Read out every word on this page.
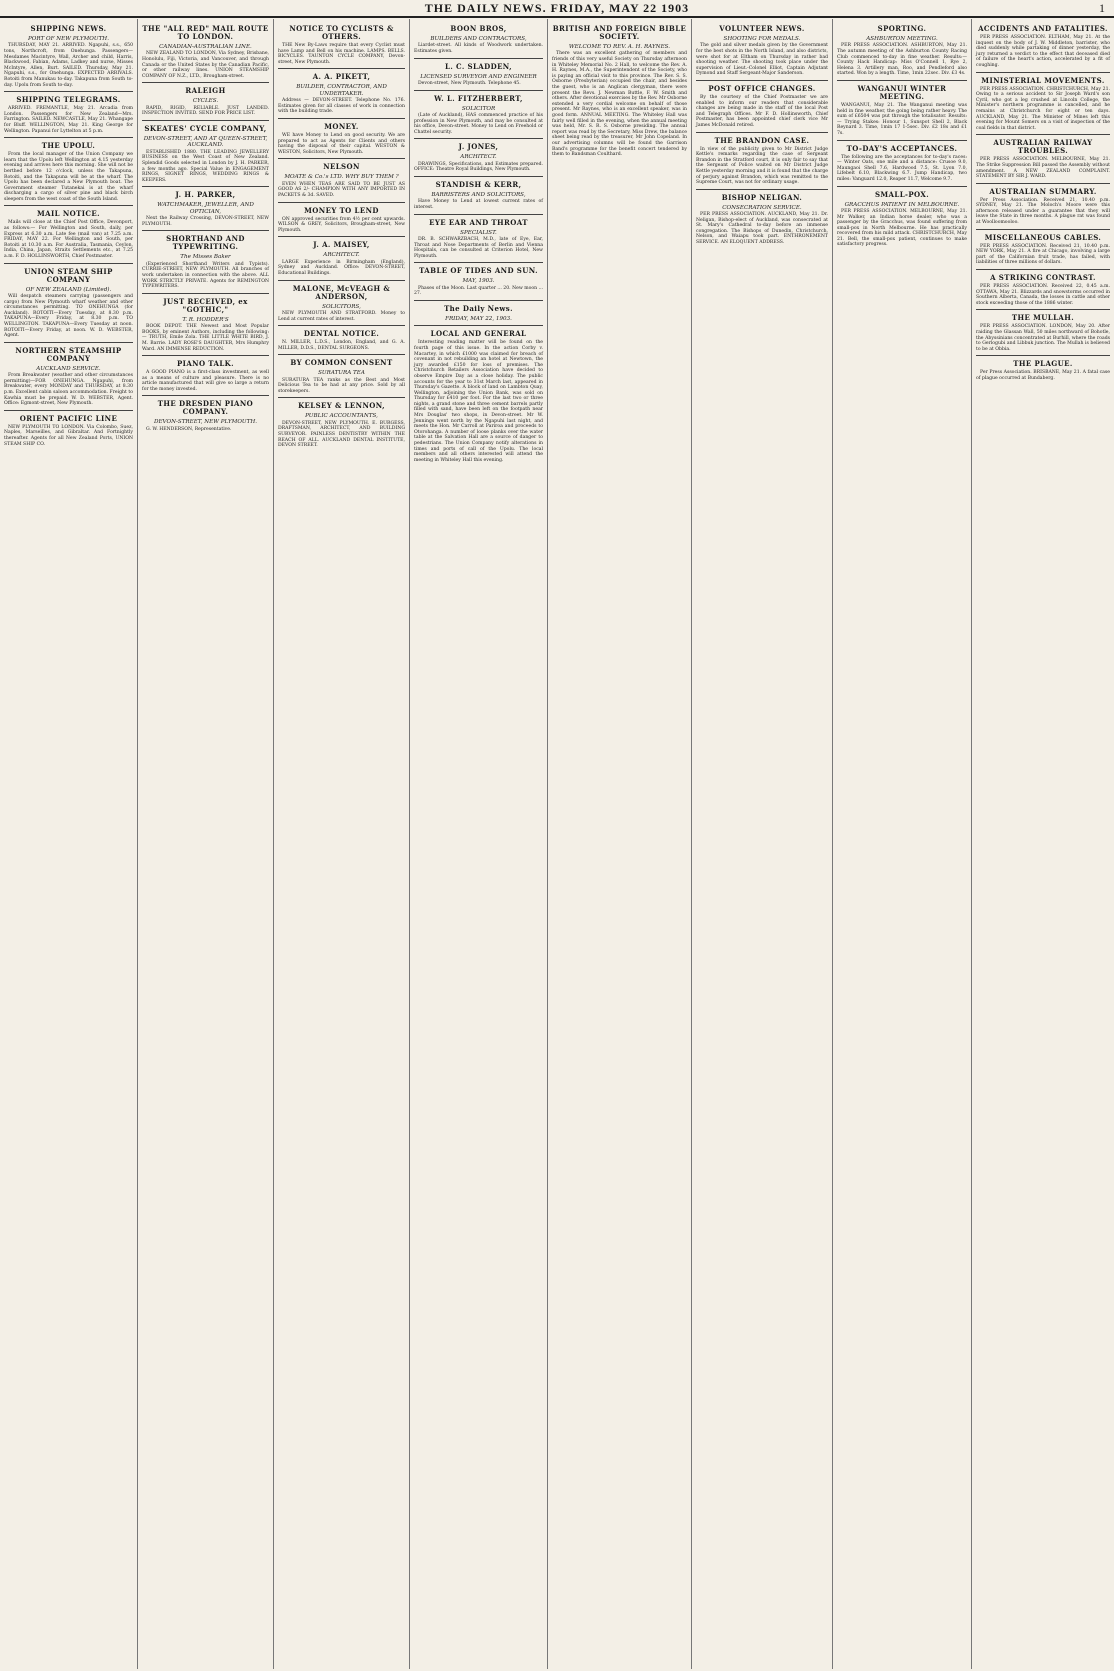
THE DAILY NEWS. FRIDAY, MAY 22 1903	1
SHIPPING NEWS.
PORT OF NEW PLYMOUTH.

THURSDAY, MAY 21. ARRIVED. Ngapuhi, s.s., 650 tons, Northcroft, from Onehunga. Passengers—Mesdames Macintyre, Wall, Archer and child, Harris, Blackwood, Fabian, Adams, Ladkey and nurse, Misses McIntyre, Allen, Burt. SAILED. Thursday, May 21. Ngapuhi, s.s., for Onehunga. EXPECTED ARRIVALS. Rotoiti from Manukau to-day. Takapuna from South to-day. Upolu from South to-day.

SHIPPING TELEGRAMS.

ARRIVED. FREMANTLE, May 21. Arcadia from London. Passengers for New Zealand—Mrs. Farrington. SAILED. NEWCASTLE, May 21. Whangape for Bluff. WELLINGTON, May 21. King George for Wellington. Papanui for Lyttelton at 5 p.m.

THE UPOLU.

From the local manager of the Union Company we learn that the Upolu left Wellington at 4.15 yesterday evening and arrives here this morning. She will not be berthed before 12 o'clock, unless the Takapuna, Rotoiti, and the Takapuna will be at the wharf. The Upolu has been declared a New Plymouth boat. The Government steamer Tutanekai is at the wharf discharging a cargo of silver pine and black birch sleepers from the west coast of the South Island.

MAIL NOTICE.

Mails will close at the Chief Post Office, Devonport, as follows:— For Wellington and South, daily, per Express at 6.30 a.m. Late fee (mail van) at 7.25 a.m. FRIDAY, MAY 22. For Wellington and South, per Rotoiti at 10.30 a.m. For Australia, Tasmania, Ceylon, India, China, Japan, Straits Settlements etc., at 7.25 a.m. F. D. HOLLINSWORTH, Chief Postmaster.

UNION STEAM SHIP COMPANY
OF NEW ZEALAND (Limited).

Will despatch steamers carrying (passengers and cargo) from New Plymouth wharf weather and other circumstances permitting. TO ONEHUNGA (for Auckland). ROTOITI—Every Tuesday, at 8.30 p.m. TAKAPUNA—Every Friday, at 8.30 p.m. TO WELLINGTON. TAKAPUNA—Every Tuesday at noon. ROTOITI—Every Friday, at noon. W. D. WEBSTER, Agent.

NORTHERN STEAMSHIP COMPANY
AUCKLAND SERVICE.

From Breakwater (weather and other circumstances permitting)—FOR ONEHUNGA. Ngapuhi, from Breakwater, every MONDAY and THURSDAY, at 8.30 p.m. Excellent cabin saloon accommodation. Freight to Kawhia must be prepaid. W. D. WEBSTER, Agent. Office: Egmont-street, New Plymouth.

ORIENT PACIFIC LINE

NEW PLYMOUTH TO LONDON. Via Colombo, Suez, Naples, Marseilles, and Gibraltar. And Fortnightly thereafter. Agents for all New Zealand Ports, UNION STEAM SHIP CO.

THE "ALL RED" MAIL ROUTE TO LONDON.
CANADIAN-AUSTRALIAN LINE.

NEW ZEALAND TO LONDON, Via Sydney, Brisbane, Honolulu, Fiji, Victoria, and Vancouver, and through Canada or the United States by the Canadian Pacific, or other railway lines. UNION STEAMSHIP COMPANY OF N.Z., LTD., Brougham-street.

RALEIGH
CYCLES.

RAPID, RIGID, RELIABLE. JUST LANDED. INSPECTION INVITED. SEND FOR PRICE LIST.

SKEATES' CYCLE COMPANY,
DEVON-STREET, AND AT QUEEN-STREET, AUCKLAND.

ESTABLISHED 1880. THE LEADING JEWELLERY BUSINESS on the West Coast of New Zealand. Splendid Goods selected in London by J. H. PARKER, a few months ago. Special Value in ENGAGEMENT RINGS, SIGNET RINGS, WEDDING RINGS & KEEPERS.

J. H. PARKER,
WATCHMAKER, JEWELLER, AND OPTICIAN,

Next the Railway Crossing, DEVON-STREET, NEW PLYMOUTH.

SHORTHAND AND TYPEWRITING.
The Misses Baker

(Experienced Shorthand Writers and Typists). CURRIE-STREET, NEW PLYMOUTH. All branches of work undertaken in connection with the above. ALL WORK STRICTLY PRIVATE. Agents for REMINGTON TYPEWRITERS.

JUST RECEIVED, ex "GOTHIC,"
T. R. HODDER'S

BOOK DEPOT. THE Newest and Most Popular BOOKS, by eminent Authors, including the following:— TRUTH, Emile Zola. THE LITTLE WHITE BIRD, J. M. Barrie. LADY ROSE'S DAUGHTER, Mrs Humphry Ward. AN IMMENSE REDUCTION.

PIANO TALK.

A GOOD PIANO is a first-class investment, as well as a means of culture and pleasure. There is no article manufactured that will give so large a return for the money invested.

THE DRESDEN PIANO COMPANY.
DEVON-STREET, NEW PLYMOUTH.

G. W. HENDERSON, Representative.

NOTICE TO CYCLISTS & OTHERS.

THE New By-Laws require that every Cyclist must have Lamp and Bell on his machine. LAMPS. BELLS. BICYCLES. TAUNTON CYCLE COMPANY, Devon-street, New Plymouth.

A. A. PIKETT,
BUILDER, CONTRACTOR, AND UNDERTAKER.

Address — DEVON-STREET. Telephone No. 176. Estimates given for all classes of work in connection with the building trade.

MONEY.

WE have Money to Lend on good security. We are prepared to act as Agents for Clients and others having the disposal of their capital. WESTON & WESTON, Solicitors, New Plymouth.

NELSON
MOATE & Co.'s LTD. WHY BUY THEM ?

EVEN WHEN TEAS ARE SAID TO BE JUST AS GOOD AS 2/- CHAMPION WITH ANY IMPORTED IN PACKETS & 3d. SAVED.

MONEY TO LEND

ON approved securities from 4½ per cent upwards. WILSON & GREY, Solicitors, Brougham-street, New Plymouth.

J. A. MAISEY,
ARCHITECT.

LARGE Experience in Birmingham (England), Sydney and Auckland. Office: DEVON-STREET, Educational Buildings.

MALONE, McVEAGH & ANDERSON,
SOLICITORS,

NEW PLYMOUTH AND STRATFORD. Money to Lend at current rates of interest.

DENTAL NOTICE.

N. MILLER, L.D.S., London, England, and G. A. MILLER, D.D.S., DENTAL SURGEONS.

BY COMMON CONSENT
SURATURA TEA

SURATURA TEA ranks as the Best and Most Delicious Tea to be had at any price. Sold by all storekeepers.

KELSEY & LENNON,
PUBLIC ACCOUNTANTS,

DEVON-STREET, NEW PLYMOUTH. E. BURGESS, DRAFTSMAN, ARCHITECT, AND BUILDING SURVEYOR. PAINLESS DENTISTRY WITHIN THE REACH OF ALL. AUCKLAND DENTAL INSTITUTE, DEVON STREET.

BOON BROS,
BUILDERS AND CONTRACTORS,

Liardet-street. All kinds of Woodwork undertaken. Estimates given.

L. C. SLADDEN,
LICENSED SURVEYOR AND ENGINEER

Devon-street, New Plymouth. Telephone 45.

W. L. FITZHERBERT,
SOLICITOR

(Late of Auckland), HAS commenced practice of his profession in New Plymouth, and may be consulted at his office, Devon-street. Money to Lend on Freehold or Chattel security.

J. JONES,
ARCHITECT.

DRAWINGS, Specifications, and Estimates prepared. OFFICE: Theatre Royal Buildings, New Plymouth.

STANDISH & KERR,
BARRISTERS AND SOLICITORS,

Have Money to Lend at lowest current rates of interest.

EYE EAR AND THROAT
SPECIALIST.

DR. B. SCHWARZBACH, M.D., late of Eye, Ear, Throat and Nose Departments of Berlin and Vienna Hospitals, can be consulted at Criterion Hotel, New Plymouth.

TABLE OF TIDES AND SUN.
MAY, 1903.

Phases of the Moon. Last quarter ... 20. New moon ... 27.

The Daily News.
FRIDAY, MAY 22, 1903.
LOCAL AND GENERAL

Interesting reading matter will be found on the fourth page of this issue. In the action Corby v. Macartey, in which £1000 was claimed for breach of covenant in not rebuilding an hotel at Newtown, the jury awarded £150 for loss of premises. The Christchurch Retailers Association have decided to observe Empire Day as a close holiday. The public accounts for the year to 31st March last, appeared in Thursday's Gazette. A block of land on Lambton Quay, Wellington, adjoining the Union Bank, was sold on Thursday for £410 per foot. For the last two or three nights, a grand stone and three cement barrels partly filled with sand, have been left on the footpath near Mrs Douglas' two shops, in Devon-street. Mr W. Jennings went north by the Ngapuhi last night, and meets the Hon. Mr Carroll at Pariroa and proceeds to Otorohanga. A number of loose planks over the water table at the Salvation Hall are a source of danger to pedestrians. The Union Company notify alterations in times and ports of call of the Upolu. The local members and all others interested will attend the meeting in Whiteley Hall this evening.

BRITISH AND FOREIGN BIBLE SOCIETY.
WELCOME TO REV. A. H. RAYNES.

There was an excellent gathering of members and friends of this very useful Society on Thursday afternoon in Whiteley Memorial No. 2 Hall, to welcome the Rev. A. H. Raynes, M.A., the Superintendent of the Society, who is paying an official visit to this province. The Rev. S. S. Osborne (Presbyterian) occupied the chair, and besides the guest, who is an Anglican clergyman, there were present the Revs. J. Newman Buttle, F. W. Smith and others. After devotional exercises by the Rev. Mr Osborne extended a very cordial welcome on behalf of those present. Mr Raynes, who is an excellent speaker, was in good form. ANNUAL MEETING. The Whiteley Hall was fairly well filled in the evening, when the annual meeting was held, Mr. S. R. S. Osborne presiding. The annual report was read by the Secretary, Miss Drew, the balance sheet being read by the treasurer, Mr John Copeland. In our advertising columns will be found the Garrison Band's programme for the benefit concert tendered by them to Bandsman Coulthard.

VOLUNTEER NEWS.
SHOOTING FOR MEDALS.

The gold and silver medals given by the Government for the best shots in the North Island, and also districts, were shot for at Eltham on Thursday in rather bad shooting weather. The shooting took place under the supervision of Lieut.-Colonel Elliot, Captain Adjutant Dymond and Staff Sergeant-Major Sanderson.

POST OFFICE CHANGES.

By the courtesy of the Chief Postmaster we are enabled to inform our readers that considerable changes are being made in the staff of the local Post and Telegraph Offices. Mr F. D. Hollinsworth, Chief Postmaster, has been appointed chief clerk vice Mr James McDonald retired.

THE BRANDON CASE.

In view of the publicity given to Mr District Judge Kettle's remarks regarding the case of Sergeant Brandon in the Stratford court, it is only fair to say that the Sergeant of Police waited on Mr District Judge Kettle yesterday morning and it is found that the charge of perjury against Brandon, which was remitted to the Supreme Court, was not for ordinary usage.

BISHOP NELIGAN.
CONSECRATION SERVICE.

PER PRESS ASSOCIATION. AUCKLAND, May 21. Dr. Neligan, Bishop-elect of Auckland, was consecrated at St. Mary's Cathedral to-day before an immense congregation. The Bishops of Dunedin, Christchurch, Nelson, and Waiapu took part. ENTHRONEMENT SERVICE. AN ELOQUENT ADDRESS.

SPORTING.
ASHBURTON MEETING.

PER PRESS ASSOCIATION. ASHBURTON, May 21. The autumn meeting of the Ashburton County Racing Club commenced to-day in fine weather. Results:— County Hack Handicap: Miss O'Connell 1, Rye 2, Helena 3. Artillery man, Roo, and Pendleford also started. Won by a length. Time, 1min 22sec. Div. £3 4s.

WANGANUI WINTER MEETING.

WANGANUI, May 21. The Wanganui meeting was held in fine weather, the going being rather heavy. The sum of £6504 was put through the totalisator. Results:— Trying Stakes: Honour 1, Sunspot Shell 2, Black Reynard 3. Time, 1min 17 1-5sec. Div. £2 18s and £1 7s.

TO-DAY'S ACCEPTANCES.

The following are the acceptances for to-day's races:— Winter Oats, one mile and a distance: Crusoe 9.0, Maungaoi Shell 7.6, Hardwood 7.5, St. Lyon 7.0, Lifebelt 6.10, Blackwing 6.7. Jump Handicap, two miles: Vanguard 12.0, Reaper 11.7, Welcome 9.7.

SMALL-POX.
GRACCHUS PATIENT IN MELBOURNE.

PER PRESS ASSOCIATION. MELBOURNE, May 21. Mr Walker, an Indian horse dealer, who was a passenger by the Gracchus, was found suffering from small-pox in North Melbourne. He has practically recovered from his mild attack. CHRISTCHURCH, May 21. Bell, the small-pox patient, continues to make satisfactory progress.

ACCIDENTS AND FATALITIES.

PER PRESS ASSOCIATION. ELTHAM, May 21. At the inquest on the body of J. W. Middleton, barrister, who died suddenly while partaking of dinner yesterday, the jury returned a verdict to the effect that deceased died of failure of the heart's action, accelerated by a fit of coughing.

MINISTERIAL MOVEMENTS.

PER PRESS ASSOCIATION. CHRISTCHURCH, May 21. Owing to a serious accident to Sir Joseph Ward's son Cyril, who got a leg crushed at Lincoln College, the Minister's northern programme is cancelled, and he remains at Christchurch for eight or ten days. AUCKLAND, May 21. The Minister of Mines left this evening for Mount Somers on a visit of inspection of the coal fields in that district.

AUSTRALIAN RAILWAY TROUBLES.

PER PRESS ASSOCIATION. MELBOURNE, May 21. The Strike Suppression Bill passed the Assembly without amendment. A NEW ZEALAND COMPLAINT. STATEMENT BY SIR J. WARD.

AUSTRALIAN SUMMARY.

Per Press Association. Received 21, 10.40 p.m. SYDNEY, May 21. The Moloch's Moore were this afternoon released under a guarantee that they will leave the State in three months. A plague rat was found at Woolloomooloo.

MISCELLANEOUS CABLES.

PER PRESS ASSOCIATION. Received 21, 10.40 p.m. NEW YORK, May 21. A fire at Chicago, involving a large part of the Californian fruit trade, has failed, with liabilities of three millions of dollars.

A STRIKING CONTRAST.

PER PRESS ASSOCIATION. Received 22, 0.45 a.m. OTTAWA, May 21. Blizzards and snowstorms occurred in Southern Alberta, Canada, the losses in cattle and other stock exceeding those of the 1886 winter.

THE MULLAH.

PER PRESS ASSOCIATION. LONDON, May 20. After raiding the Glassan Wall, 50 miles northward of Bohotle, the Abyssinians concentrated at Burhill, where the roads to Gerlogubi and Libbuk junction. The Mullah is believed to be at Obbia.

THE PLAGUE.

Per Press Association. BRISBANE, May 21. A fatal case of plague occurred at Bundaberg.
